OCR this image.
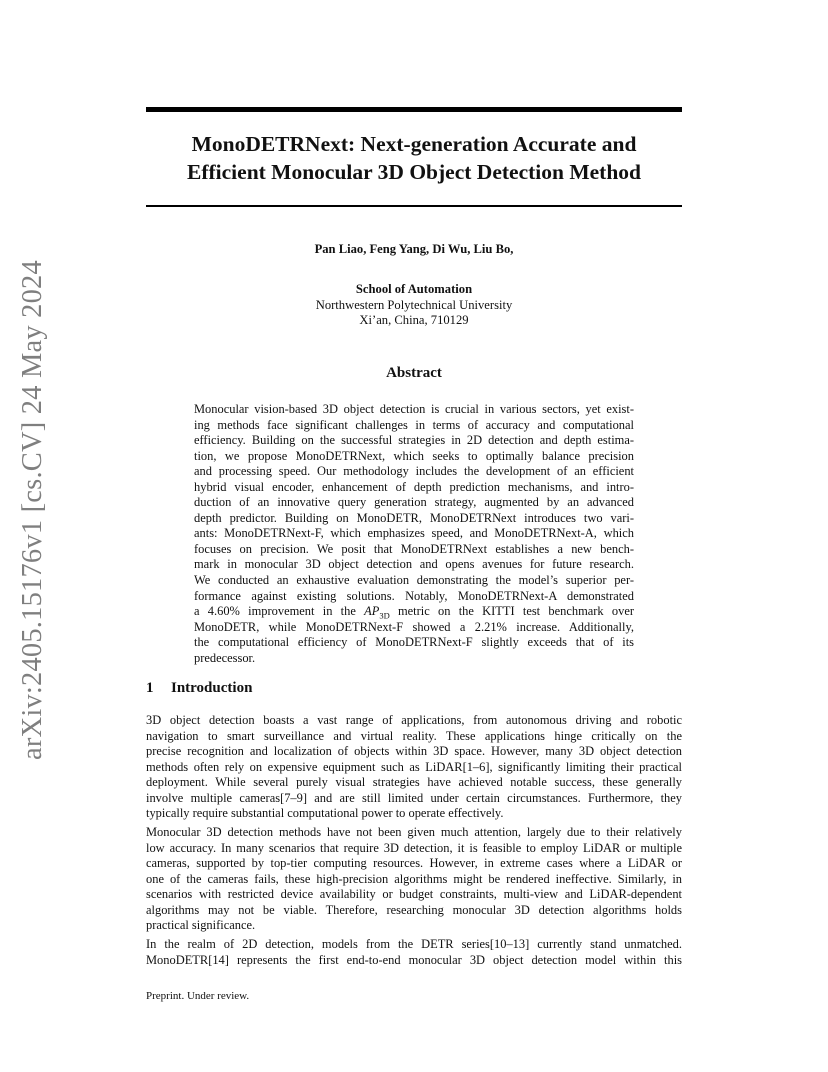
arXiv:2405.15176v1 [cs.CV] 24 May 2024
MonoDETRNext: Next-generation Accurate and
Efficient Monocular 3D Object Detection Method
Pan Liao, Feng Yang, Di Wu, Liu Bo,
School of Automation
Northwestern Polytechnical University
Xi’an, China, 710129
Abstract
Monocular vision-based 3D object detection is crucial in various sectors, yet exist-
ing methods face significant challenges in terms of accuracy and computational
efficiency. Building on the successful strategies in 2D detection and depth estima-
tion, we propose MonoDETRNext, which seeks to optimally balance precision
and processing speed. Our methodology includes the development of an efficient
hybrid visual encoder, enhancement of depth prediction mechanisms, and intro-
duction of an innovative query generation strategy, augmented by an advanced
depth predictor. Building on MonoDETR, MonoDETRNext introduces two vari-
ants: MonoDETRNext-F, which emphasizes speed, and MonoDETRNext-A, which
focuses on precision. We posit that MonoDETRNext establishes a new bench-
mark in monocular 3D object detection and opens avenues for future research.
We conducted an exhaustive evaluation demonstrating the model’s superior per-
formance against existing solutions. Notably, MonoDETRNext-A demonstrated
a 4.60% improvement in the $AP_{3D}$ metric on the KITTI test benchmark over
MonoDETR, while MonoDETRNext-F showed a 2.21% increase. Additionally,
the computational efficiency of MonoDETRNext-F slightly exceeds that of its
predecessor.
1 Introduction
3D object detection boasts a vast range of applications, from autonomous driving and robotic
navigation to smart surveillance and virtual reality. These applications hinge critically on the
precise recognition and localization of objects within 3D space. However, many 3D object detection
methods often rely on expensive equipment such as LiDAR[1–6], significantly limiting their practical
deployment. While several purely visual strategies have achieved notable success, these generally
involve multiple cameras[7–9] and are still limited under certain circumstances. Furthermore, they
typically require substantial computational power to operate effectively.
Monocular 3D detection methods have not been given much attention, largely due to their relatively
low accuracy. In many scenarios that require 3D detection, it is feasible to employ LiDAR or multiple
cameras, supported by top-tier computing resources. However, in extreme cases where a LiDAR or
one of the cameras fails, these high-precision algorithms might be rendered ineffective. Similarly, in
scenarios with restricted device availability or budget constraints, multi-view and LiDAR-dependent
algorithms may not be viable. Therefore, researching monocular 3D detection algorithms holds
practical significance.
In the realm of 2D detection, models from the DETR series[10–13] currently stand unmatched.
MonoDETR[14] represents the first end-to-end monocular 3D object detection model within this
Preprint. Under review.
